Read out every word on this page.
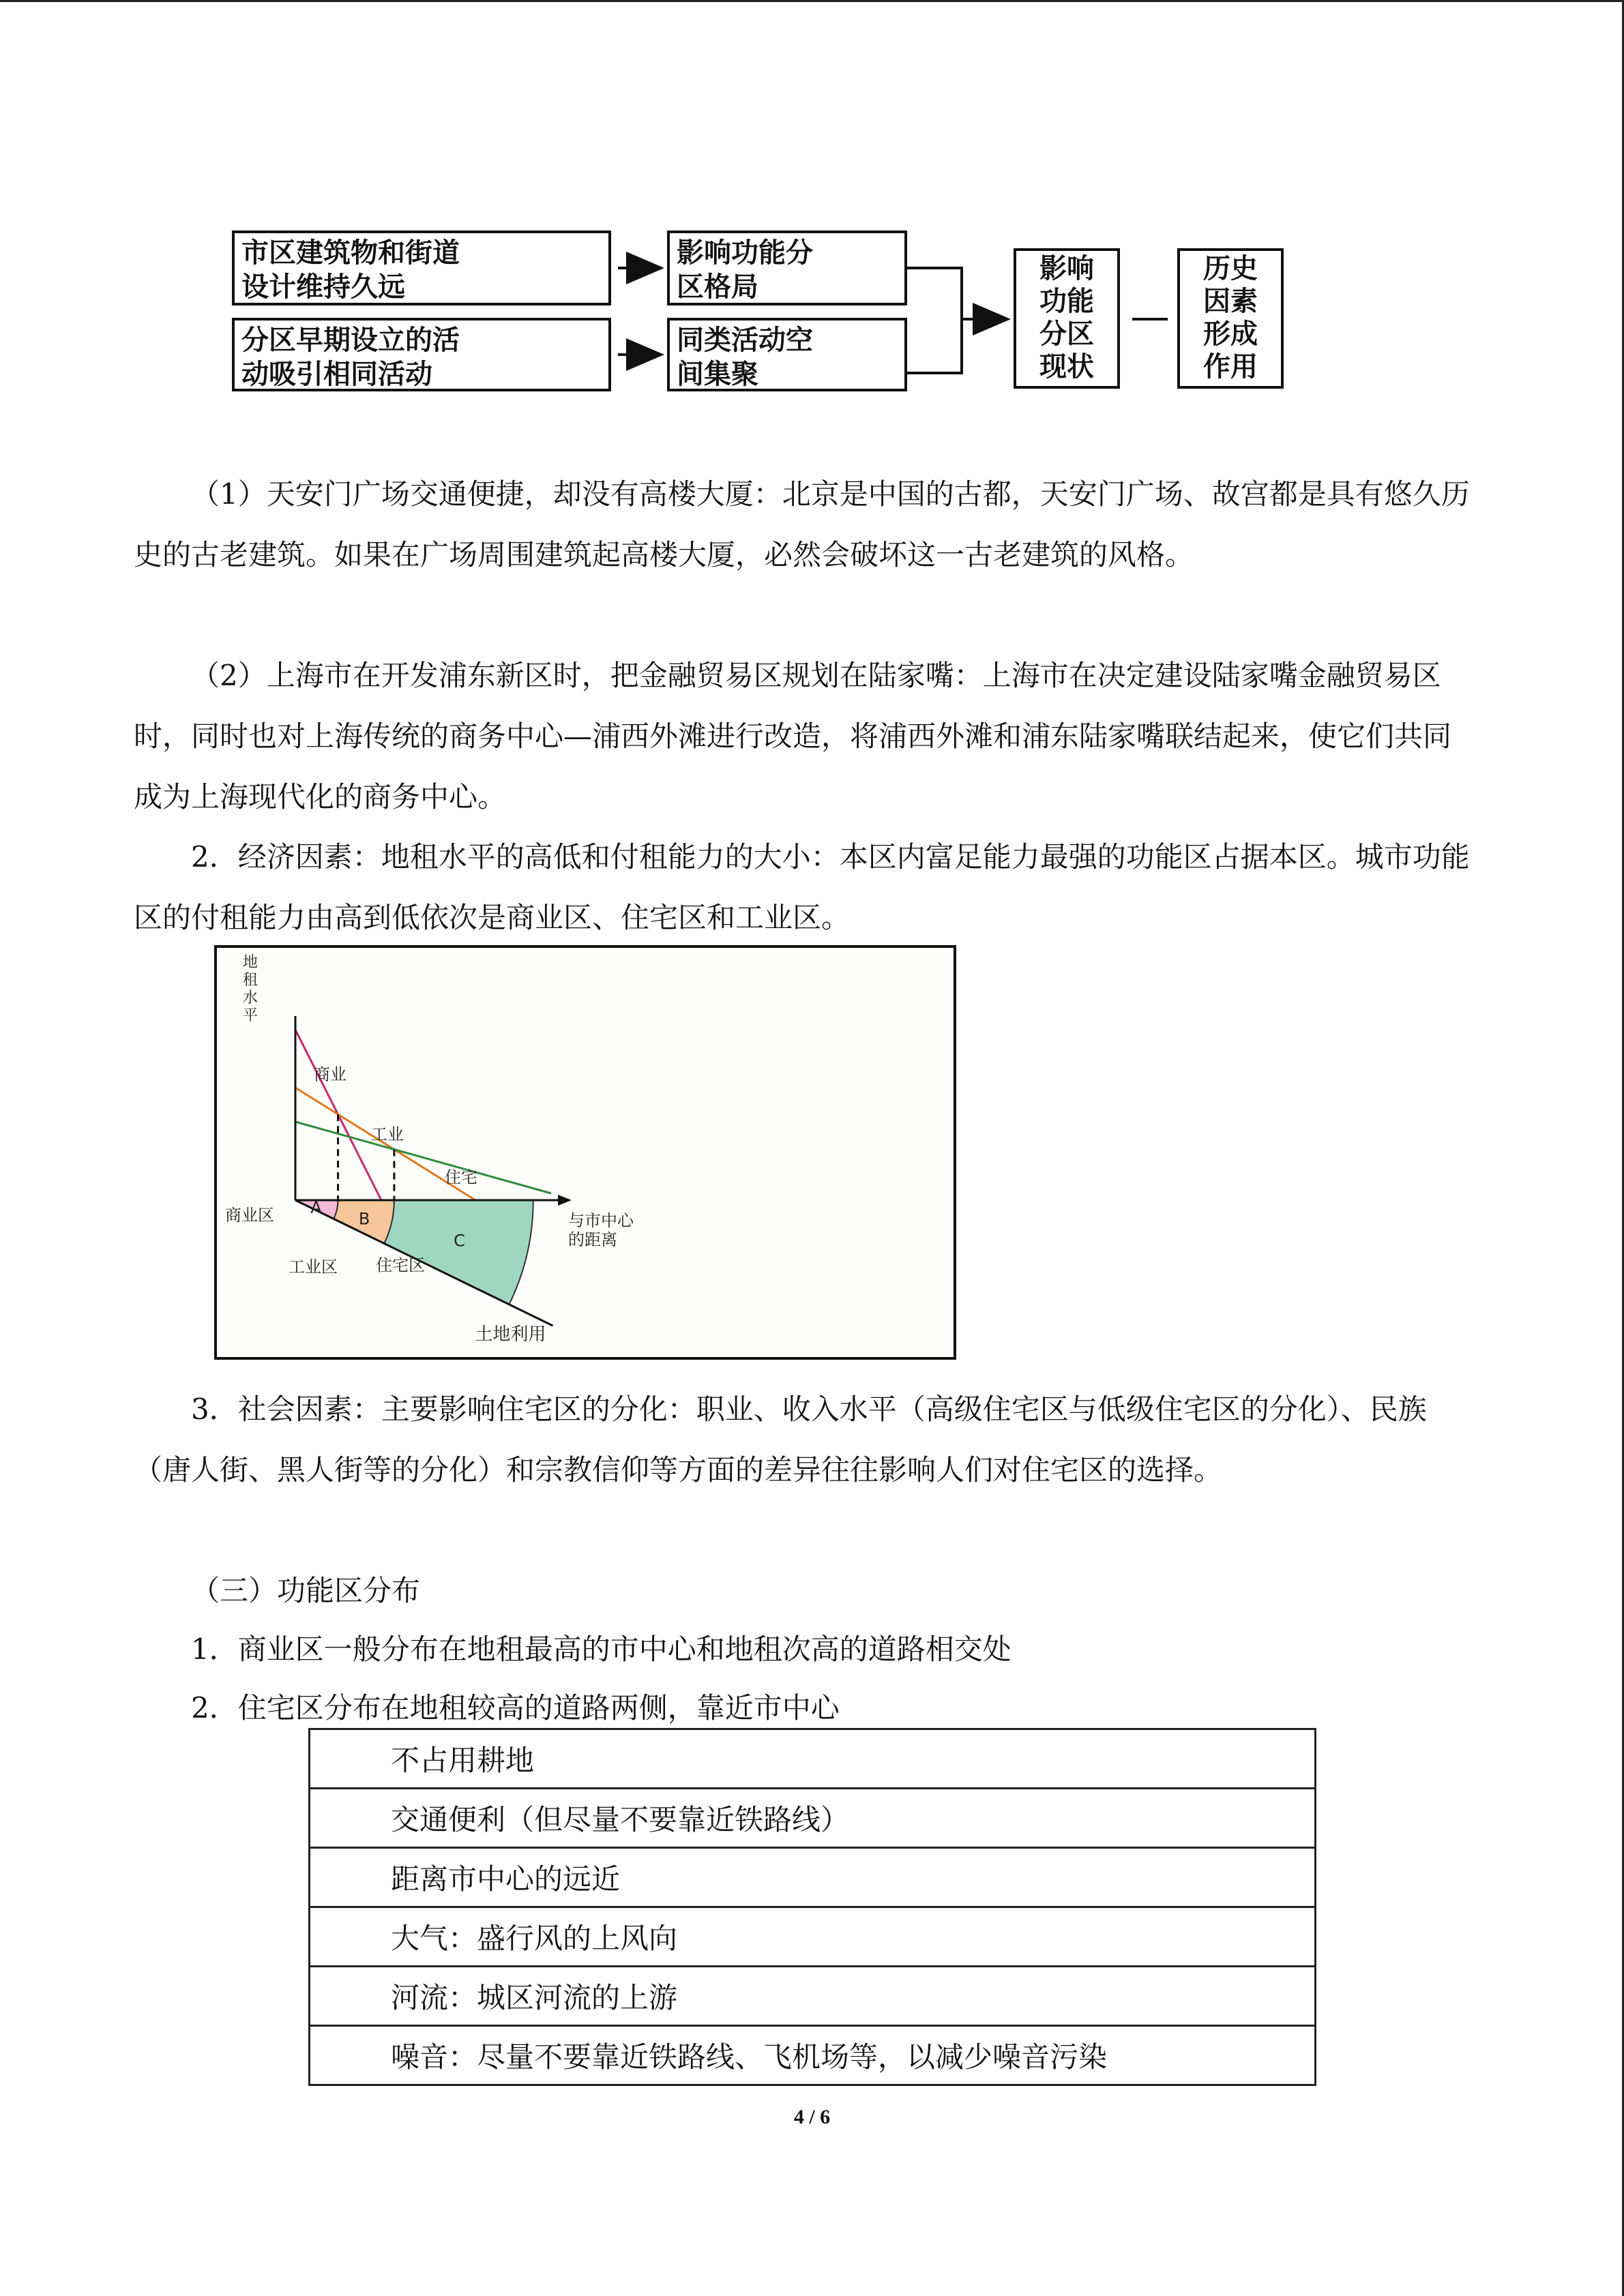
市区建筑物和街道
设计维持久远
影响功能分
区格局
分区早期设立的活
动吸引相同活动
同类活动空
间集聚
影响
功能
分区
现状
历史
因素
形成
作用

（1）天安门广场交通便捷，却没有高楼大厦：北京是中国的古都，天安门广场、故宫都是具有悠久历史的古老建筑。如果在广场周围建筑起高楼大厦，必然会破坏这一古老建筑的风格。

（2）上海市在开发浦东新区时，把金融贸易区规划在陆家嘴：上海市在决定建设陆家嘴金融贸易区时，同时也对上海传统的商务中心—浦西外滩进行改造，将浦西外滩和浦东陆家嘴联结起来，使它们共同成为上海现代化的商务中心。

2．经济因素：地租水平的高低和付租能力的大小：本区内富足能力最强的功能区占据本区。城市功能区的付租能力由高到低依次是商业区、住宅区和工业区。

A
B
C
地
租
水
平
商业
工业
住宅
与市中心
的距离
商业区
工业区 住宅区
土地利用

3．社会因素：主要影响住宅区的分化：职业、收入水平（高级住宅区与低级住宅区的分化）、民族（唐人街、黑人街等的分化）和宗教信仰等方面的差异往往影响人们对住宅区的选择。

（三）功能区分布

1．商业区一般分布在地租最高的市中心和地租次高的道路相交处

2．住宅区分布在地租较高的道路两侧，靠近市中心

不占用耕地
交通便利（但尽量不要靠近铁路线）
距离市中心的远近
大气：盛行风的上风向
河流：城区河流的上游
噪音：尽量不要靠近铁路线、飞机场等，以减少噪音污染
4 / 6
